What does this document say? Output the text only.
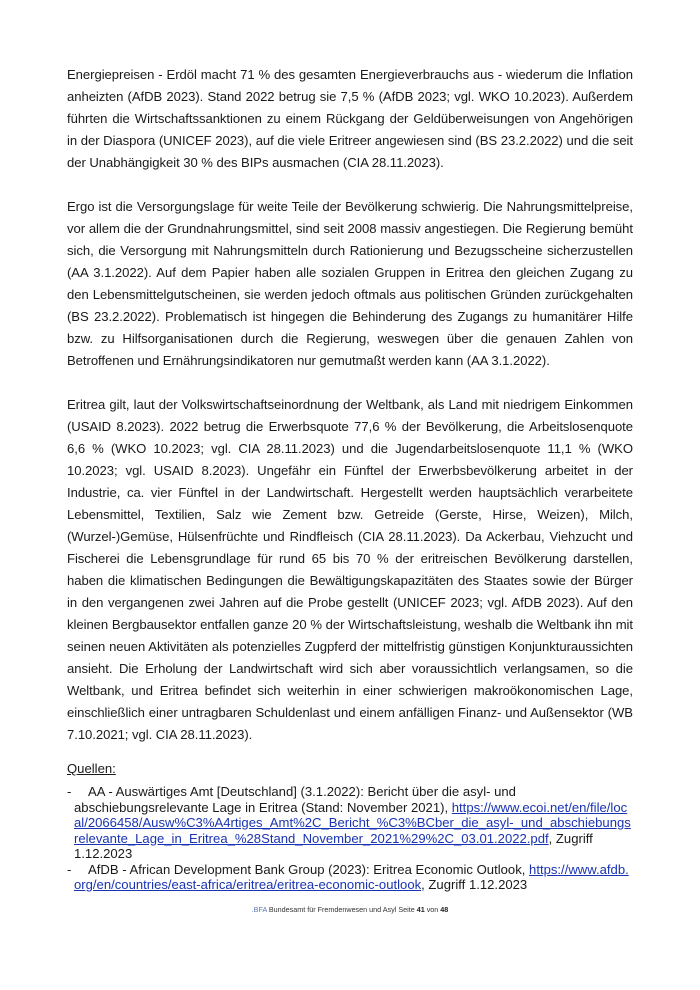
Energiepreisen - Erdöl macht 71 % des gesamten Energieverbrauchs aus - wiederum die Inflation anheizten (AfDB 2023). Stand 2022 betrug sie 7,5 % (AfDB 2023; vgl. WKO 10.2023). Außerdem führten die Wirtschaftssanktionen zu einem Rückgang der Geldüberweisungen von Angehörigen in der Diaspora (UNICEF 2023), auf die viele Eritreer angewiesen sind (BS 23.2.2022) und die seit der Unabhängigkeit 30 % des BIPs ausmachen (CIA 28.11.2023).

Ergo ist die Versorgungslage für weite Teile der Bevölkerung schwierig. Die Nahrungsmittelpreise, vor allem die der Grundnahrungsmittel, sind seit 2008 massiv angestiegen. Die Regierung bemüht sich, die Versorgung mit Nahrungsmitteln durch Rationierung und Bezugsscheine sicherzustellen (AA 3.1.2022). Auf dem Papier haben alle sozialen Gruppen in Eritrea den gleichen Zugang zu den Lebensmittelgutscheinen, sie werden jedoch oftmals aus politischen Gründen zurückgehalten (BS 23.2.2022). Problematisch ist hingegen die Behinderung des Zugangs zu humanitärer Hilfe bzw. zu Hilfsorganisationen durch die Regierung, weswegen über die genauen Zahlen von Betroffenen und Ernährungsindikatoren nur gemutmaßt werden kann (AA 3.1.2022).

Eritrea gilt, laut der Volkswirtschaftseinordnung der Weltbank, als Land mit niedrigem Einkommen (USAID 8.2023). 2022 betrug die Erwerbsquote 77,6 % der Bevölkerung, die Arbeitslosenquote 6,6 % (WKO 10.2023; vgl. CIA 28.11.2023) und die Jugendarbeitslosenquote 11,1 % (WKO 10.2023; vgl. USAID 8.2023). Ungefähr ein Fünftel der Erwerbsbevölkerung arbeitet in der Industrie, ca. vier Fünftel in der Landwirtschaft. Hergestellt werden hauptsächlich verarbeitete Lebensmittel, Textilien, Salz wie Zement bzw. Getreide (Gerste, Hirse, Weizen), Milch, (Wurzel-)Gemüse, Hülsenfrüchte und Rindfleisch (CIA 28.11.2023). Da Ackerbau, Viehzucht und Fischerei die Lebensgrundlage für rund 65 bis 70 % der eritreischen Bevölkerung darstellen, haben die klimatischen Bedingungen die Bewältigungskapazitäten des Staates sowie der Bürger in den vergangenen zwei Jahren auf die Probe gestellt (UNICEF 2023; vgl. AfDB 2023). Auf den kleinen Bergbausektor entfallen ganze 20 % der Wirtschaftsleistung, weshalb die Weltbank ihn mit seinen neuen Aktivitäten als potenzielles Zugpferd der mittelfristig günstigen Konjunkturaussichten ansieht. Die Erholung der Landwirtschaft wird sich aber voraussichtlich verlangsamen, so die Weltbank, und Eritrea befindet sich weiterhin in einer schwierigen makroökonomischen Lage, einschließlich einer untragbaren Schuldenlast und einem anfälligen Finanz- und Außensektor (WB 7.10.2021; vgl. CIA 28.11.2023).

Quellen:
- AA - Auswärtiges Amt [Deutschland] (3.1.2022): Bericht über die asyl- und abschiebungsrelevante Lage in Eritrea (Stand: November 2021), https://www.ecoi.net/en/file/local/2066458/Ausw%C3%A4rtiges_Amt%2C_Bericht_%C3%BCber_die_asyl-_und_abschiebungsrelevante_Lage_in_Eritrea_%28Stand_November_2021%29%2C_03.01.2022.pdf, Zugriff 1.12.2023
- AfDB - African Development Bank Group (2023): Eritrea Economic Outlook, https://www.afdb.org/en/countries/east-africa/eritrea/eritrea-economic-outlook, Zugriff 1.12.2023
.BFA Bundesamt für Fremdenwesen und Asyl Seite 41 von 48
